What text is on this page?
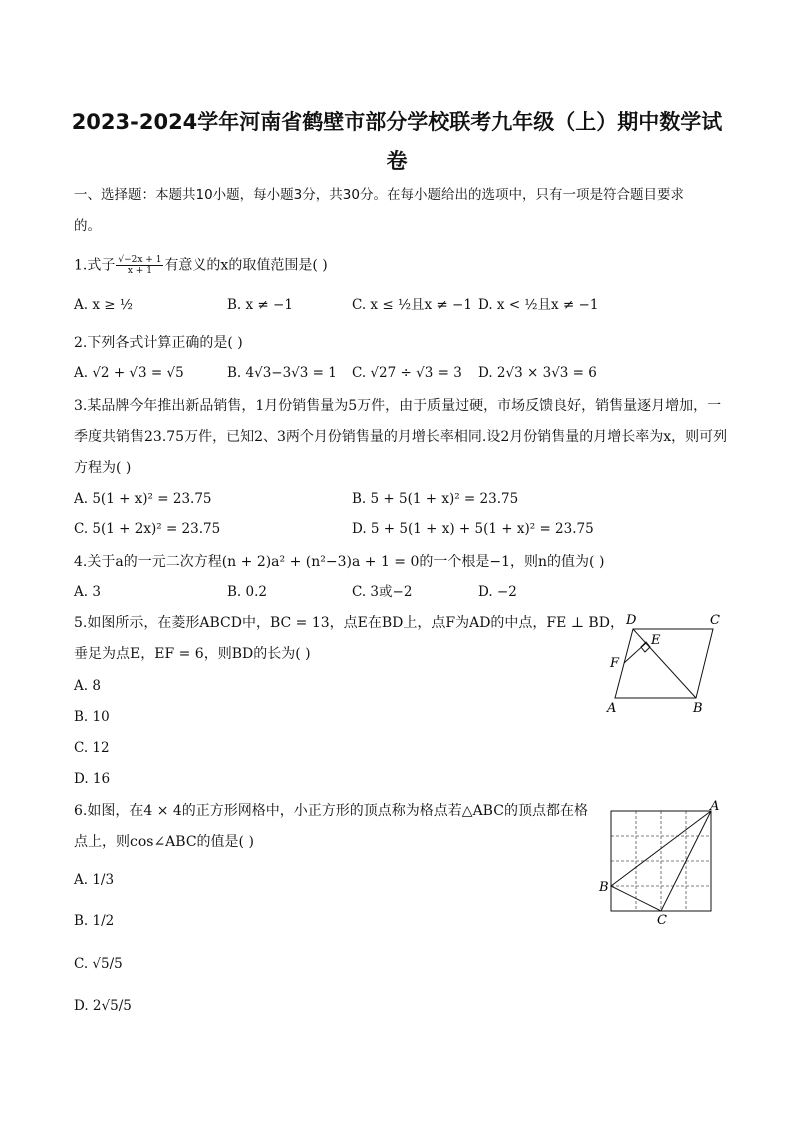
2023-2024学年河南省鹤壁市部分学校联考九年级（上）期中数学试
卷
一、选择题：本题共10小题，每小题3分，共30分。在每小题给出的选项中，只有一项是符合题目要求
的。
1.式子 $\frac{√-2x + 1}{x + 1}$ 有意义的x的取值范围是( )
A. x ≥ ½	B. x ≠ −1	C. x ≤ ½且x ≠ −1 D. x < ½且x ≠ −1
2.下列各式计算正确的是( )
A. √2 + √3 = √5	B. 4√3−3√3 = 1 C. √27 ÷ √3 = 3 D. 2√3 × 3√3 = 6
3.某品牌今年推出新品销售，1月份销售量为5万件，由于质量过硬，市场反馈良好，销售量逐月增加，一
季度共销售23.75万件，已知2、3两个月份销售量的月增长率相同.设2月份销售量的月增长率为x，则可列
方程为( )
A. 5(1 + x)² = 23.75	B. 5 + 5(1 + x)² = 23.75
C. 5(1 + 2x)² = 23.75	D. 5 + 5(1 + x) + 5(1 + x)² = 23.75
4.关于a的一元二次方程(n + 2)a² + (n²−3)a + 1 = 0的一个根是−1，则n的值为( )
A. 3	B. 0.2	C. 3或−2	D. −2
5.如图所示，在菱形ABCD中，BC = 13，点E在BD上，点F为AD的中点，FE ⊥ BD，
垂足为点E，EF = 6，则BD的长为( )
A. 8
B. 10
C. 12
D. 16
D	C
E
F
A	B
6.如图，在4 × 4的正方形网格中，小正方形的顶点称为格点若△ABC的顶点都在格
点上，则cos∠ABC的值是( )
A. 1/3
B. 1/2
C. √5/5
D. 2√5/5
A
B
C
